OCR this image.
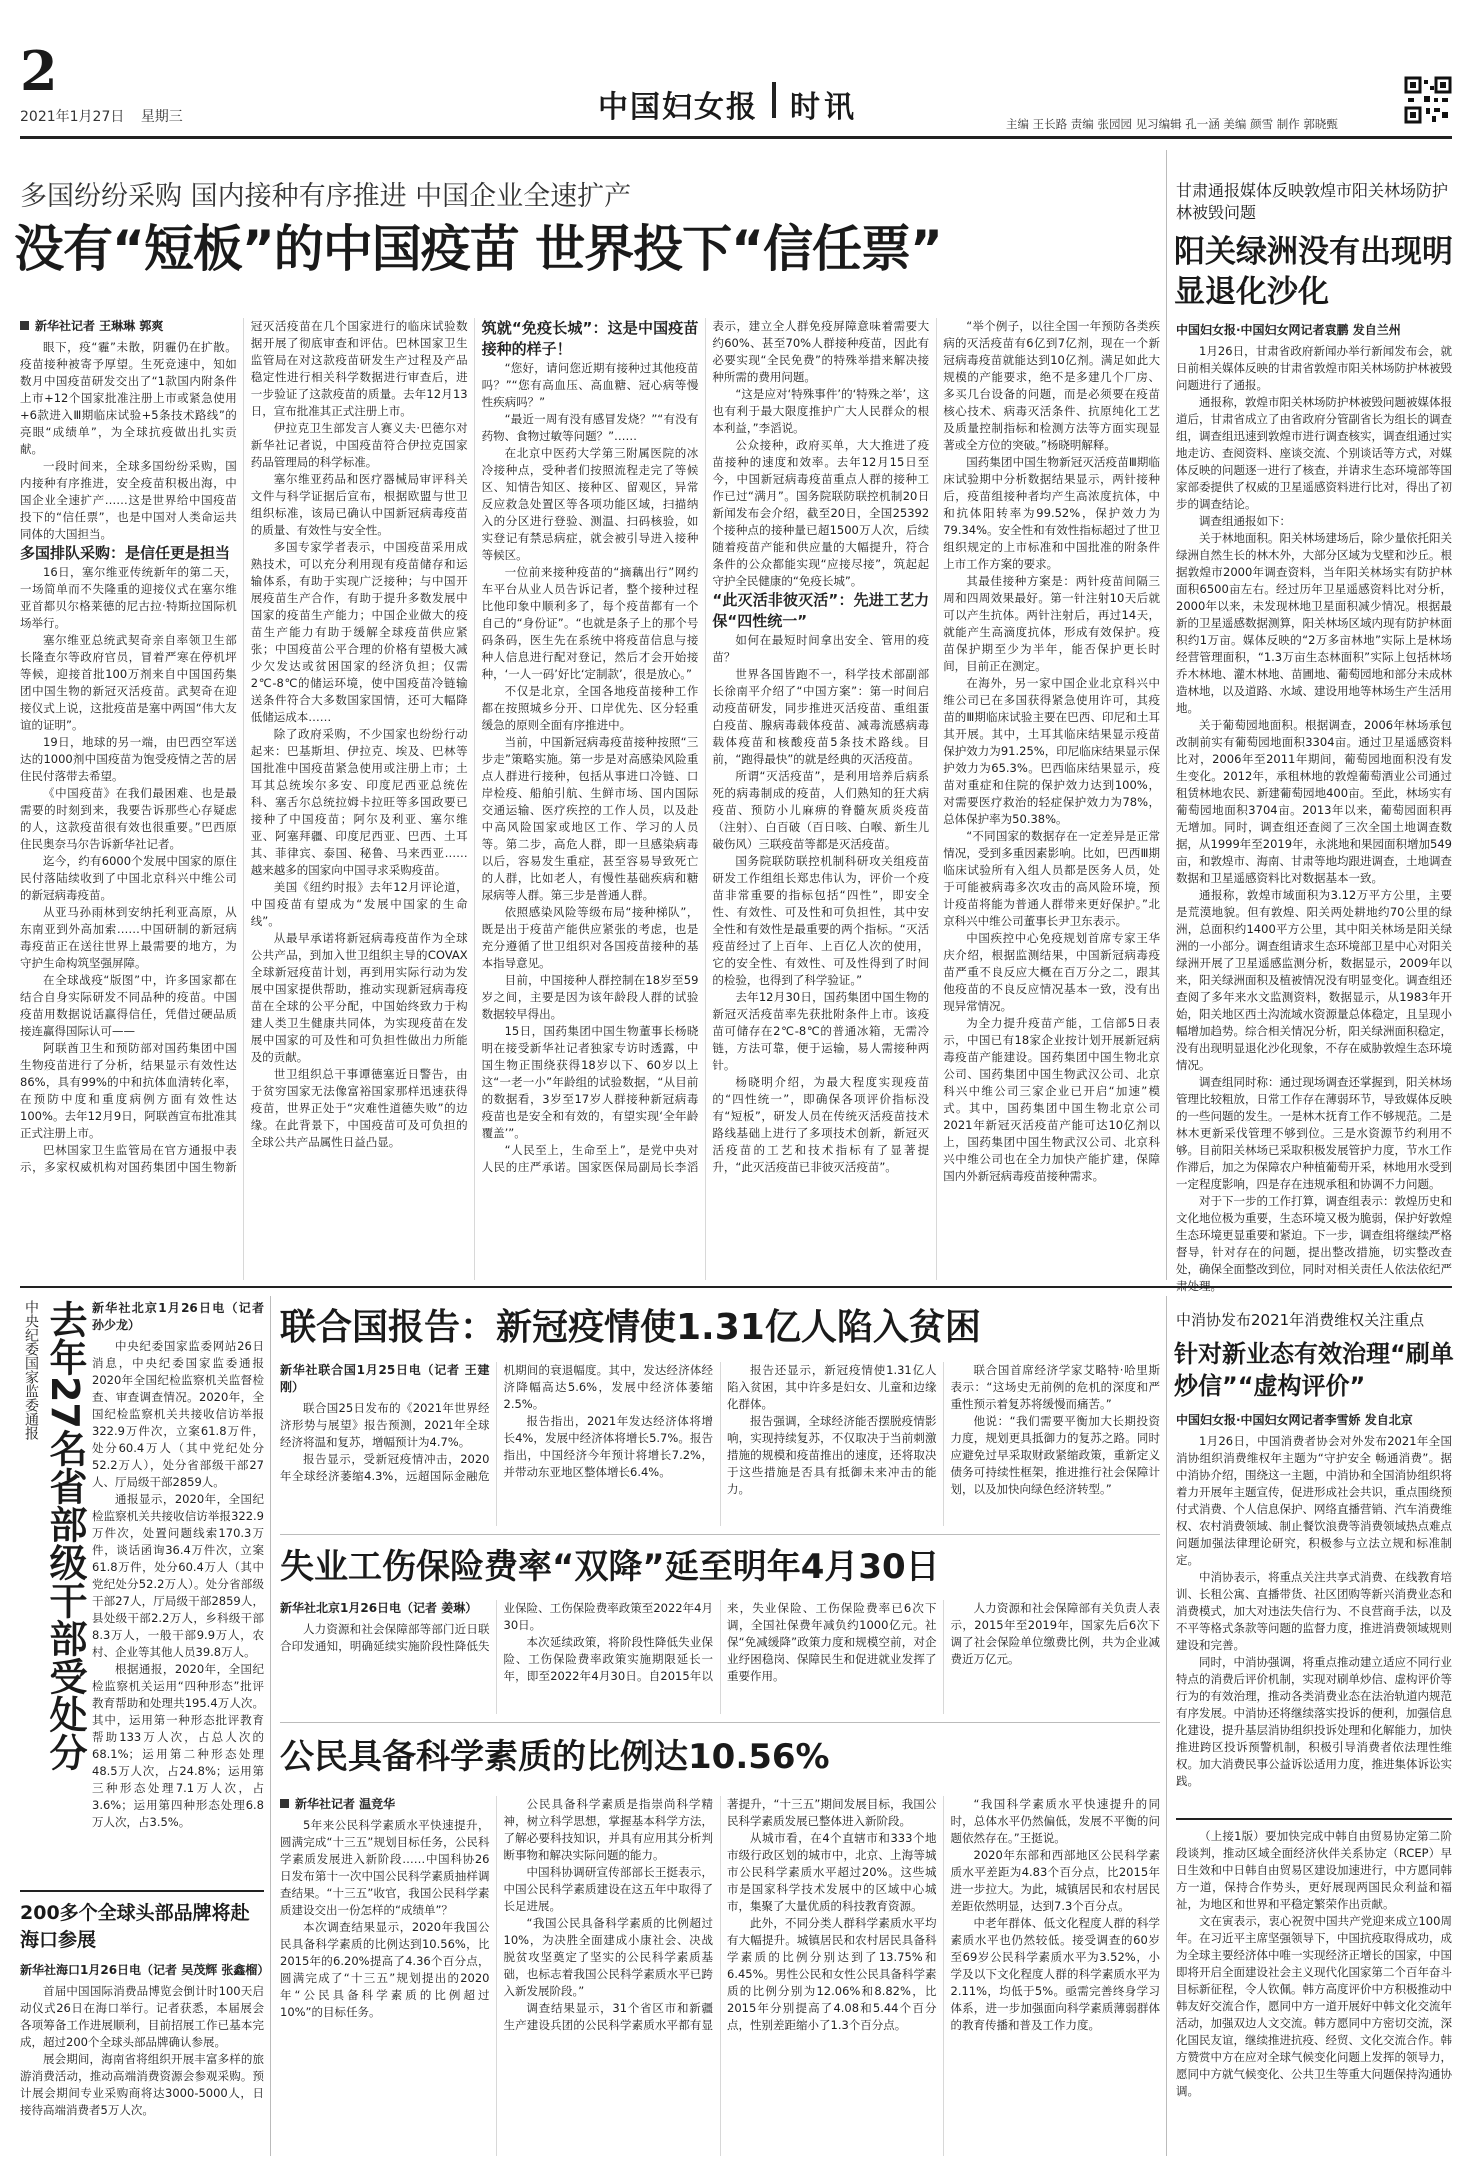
2
2021年1月27日 星期三	中国妇女报 时讯	主编 王长路 责编 张园园 见习编辑 孔一涵 美编 颜雪 制作 郭晓甄
多国纷纷采购 国内接种有序推进 中国企业全速扩产
没有“短板”的中国疫苗 世界投下“信任票”
新华社记者 王琳琳 郭爽

眼下，疫“霾”未散，阴霾仍在扩散。疫苗接种被寄予厚望。生死竞速中，知如数月中国疫苗研发交出了“1款国内附条件上市+12个国家批准注册上市或紧急使用+6款进入Ⅲ期临床试验+5条技术路线”的亮眼“成绩单”，为全球抗疫做出扎实贡献。

一段时间来，全球多国纷纷采购，国内接种有序推进，安全疫苗积极出海，中国企业全速扩产……这是世界给中国疫苗投下的“信任票”，也是中国对人类命运共同体的大国担当。

多国排队采购：是信任更是担当

16日，塞尔维亚传统新年的第二天，一场简单而不失隆重的迎接仪式在塞尔维亚首都贝尔格莱德的尼古拉·特斯拉国际机场举行。

塞尔维亚总统武契奇亲自率领卫生部长隆查尔等政府官员，冒着严寒在停机坪等候，迎接首批100万剂来自中国国药集团中国生物的新冠灭活疫苗。武契奇在迎接仪式上说，这批疫苗是塞中两国“伟大友谊的证明”。

19日，地球的另一端，由巴西空军送达的1000剂中国疫苗为饱受疫情之苦的居住民付落带去希望。

《中国疫苗》在我们最困难、也是最需要的时刻到来，我要告诉那些心存疑虑的人，这款疫苗很有效也很重要。”巴西原住民奥奈马尔告诉新华社记者。

迄今，约有6000个发展中国家的原住民付落陆续收到了中国北京科兴中维公司的新冠病毒疫苗。

从亚马孙雨林到安纳托利亚高原，从东南亚到外高加索……中国研制的新冠病毒疫苗正在送往世界上最需要的地方，为守护生命构筑坚强屏障。

在全球战疫“版图”中，许多国家都在结合自身实际研发不同品种的疫苗。中国疫苗用数据说话赢得信任，凭借过硬品质接连赢得国际认可——

阿联酋卫生和预防部对国药集团中国生物疫苗进行了分析，结果显示有效性达86%，具有99%的中和抗体血清转化率，在预防中度和重度病例方面有效性达100%。去年12月9日，阿联酋宣布批准其正式注册上市。

巴林国家卫生监管局在官方通报中表示，多家权威机构对国药集团中国生物新冠灭活疫苗在几个国家进行的临床试验数据开展了彻底审查和评估。巴林国家卫生监管局在对这款疫苗研发生产过程及产品稳定性进行相关科学数据进行审查后，进一步验证了这款疫苗的质量。去年12月13日，宣布批准其正式注册上市。

伊拉克卫生部发言人赛义夫·巴德尔对新华社记者说，中国疫苗符合伊拉克国家药品管理局的科学标准。

塞尔维亚药品和医疗器械局审评科关文件与科学证据后宣布，根据欧盟与世卫组织标准，该局已确认中国新冠病毒疫苗的质量、有效性与安全性。

多国专家学者表示，中国疫苗采用成熟技术，可以充分利用现有疫苗储存和运输体系，有助于实现广泛接种；与中国开展疫苗生产合作，有助于提升多数发展中国家的疫苗生产能力；中国企业做大的疫苗生产能力有助于缓解全球疫苗供应紧张；中国疫苗公平合理的价格有望极大减少欠发达或贫困国家的经济负担；仅需2℃-8℃的储运环境，使中国疫苗冷链输送条件符合大多数国家国情，还可大幅降低储运成本……

除了政府采购，不少国家也纷纷行动起来：巴基斯坦、伊拉克、埃及、巴林等国批准中国疫苗紧急使用或注册上市；土耳其总统埃尔多安、印度尼西亚总统佐科、塞舌尔总统拉姆卡拉旺等多国政要已接种了中国疫苗；阿尔及利亚、塞尔维亚、阿塞拜疆、印度尼西亚、巴西、土耳其、菲律宾、泰国、秘鲁、马来西亚……越来越多的国家向中国寻求采购疫苗。

美国《纽约时报》去年12月评论道，中国疫苗有望成为“发展中国家的生命线”。

从最早承诺将新冠病毒疫苗作为全球公共产品，到加入世卫组织主导的COVAX全球新冠疫苗计划，再到用实际行动为发展中国家提供帮助，推动实现新冠病毒疫苗在全球的公平分配，中国始终致力于构建人类卫生健康共同体，为实现疫苗在发展中国家的可及性和可负担性做出力所能及的贡献。

世卫组织总干事谭德塞近日警告，由于贫穷国家无法像富裕国家那样迅速获得疫苗，世界正处于“灾难性道德失败”的边缘。在此背景下，中国疫苗可及可负担的全球公共产品属性日益凸显。

筑就“免疫长城”：这是中国疫苗接种的样子！

“您好，请问您近期有接种过其他疫苗吗？”“您有高血压、高血糖、冠心病等慢性疾病吗？”

“最近一周有没有感冒发烧？”“有没有药物、食物过敏等问题？”……

在北京中医药大学第三附属医院的冰冷接种点，受种者们按照流程走完了等候区、知情告知区、接种区、留观区，异常反应救急处置区等各项功能区域，扫描纳入的分区进行登验、测温、扫码核验，如实登记有禁忌病症，就会被引导进入接种等候区。

一位前来接种疫苗的“摘藕出行”网约车平台从业人员告诉记者，整个接种过程比他印象中顺利多了，每个疫苗都有一个自己的“身份证”。“也就是条子上的那个号码条码，医生先在系统中将疫苗信息与接种人信息进行配对登记，然后才会开始接种，‘一人一码’好比‘定制款’，很是放心。”

不仅是北京，全国各地疫苗接种工作都在按照城乡分开、口岸优先、区分轻重缓急的原则全面有序推进中。

当前，中国新冠病毒疫苗接种按照“三步走”策略实施。第一步是对高感染风险重点人群进行接种，包括从事进口冷链、口岸检疫、船舶引航、生鲜市场、国内国际交通运输、医疗疾控的工作人员，以及赴中高风险国家或地区工作、学习的人员等。第二步，高危人群，即一旦感染病毒以后，容易发生重症，甚至容易导致死亡的人群，比如老人，有慢性基础疾病和糖尿病等人群。第三步是普通人群。

依照感染风险等级布局“接种梯队”，既是出于疫苗产能供应紧张的考虑，也是充分遵循了世卫组织对各国疫苗接种的基本指导意见。

目前，中国接种人群控制在18岁至59岁之间，主要是因为该年龄段人群的试验数据较早得出。

15日，国药集团中国生物董事长杨晓明在接受新华社记者独家专访时透露，中国生物正围绕获得18岁以下、60岁以上这“一老一小”年龄组的试验数据，“从目前的数据看，3岁至17岁人群接种新冠病毒疫苗也是安全和有效的，有望实现‘全年龄覆盖’”。

“人民至上，生命至上”，是党中央对人民的庄严承诺。国家医保局副局长李滔表示，建立全人群免疫屏障意味着需要大约60%、甚至70%人群接种疫苗，因此有必要实现“全民免费”的特殊举措来解决接种所需的费用问题。

“这是应对‘特殊事件’的‘特殊之举’，这也有利于最大限度推护广大人民群众的根本利益，”李滔说。

公众接种，政府买单，大大推进了疫苗接种的速度和效率。去年12月15日至今，中国新冠病毒疫苗重点人群的接种工作已过“满月”。国务院联防联控机制20日新闻发布会介绍，截至20日，全国25392个接种点的接种量已超1500万人次，后续随着疫苗产能和供应量的大幅提升，符合条件的公众都能实现“应接尽接”，筑起起守护全民健康的“免疫长城”。

“此灭活非彼灭活”：先进工艺力保“四性统一”

如何在最短时间拿出安全、管用的疫苗？

世界各国皆跑不一，科学技术部副部长徐南平介绍了“中国方案”：第一时间启动疫苗研发，同步推进灭活疫苗、重组蛋白疫苗、腺病毒载体疫苗、减毒流感病毒载体疫苗和核酸疫苗5条技术路线。目前，“跑得最快”的就是经典的灭活疫苗。

所谓“灭活疫苗”，是利用培养后病系死的病毒制成的疫苗，人们熟知的狂犬病疫苗、预防小儿麻痹的脊髓灰质炎疫苗（注射）、白百破（百日咳、白喉、新生儿破伤风）三联疫苗等都是灭活疫苗。

国务院联防联控机制科研攻关组疫苗研发工作组组长郑忠伟认为，评价一个疫苗非常重要的指标包括“四性”，即安全性、有效性、可及性和可负担性，其中安全性和有效性是最重要的两个指标。“灭活疫苗经过了上百年、上百亿人次的使用，它的安全性、有效性、可及性得到了时间的检验，也得到了科学验证。”

去年12月30日，国药集团中国生物的新冠灭活疫苗率先获批附条件上市。该疫苗可储存在2℃-8℃的普通冰箱，无需冷链，方法可靠，便于运输，易人需接种两针。

杨晓明介绍，为最大程度实现疫苗的“四性统一”，即确保各项评价指标没有“短板”，研发人员在传统灭活疫苗技术路线基础上进行了多项技术创新，新冠灭活疫苗的工艺和技术指标有了显著提升，“此灭活疫苗已非彼灭活疫苗”。

“举个例子，以往全国一年预防各类疾病的灭活疫苗有6亿到7亿剂，现在一个新冠病毒疫苗就能达到10亿剂。满足如此大规模的产能要求，绝不是多建几个厂房、多买几台设备的问题，而是必须要在疫苗核心技术、病毒灭活条件、抗原纯化工艺及质量控制指标和检测方法等方面实现显著或全方位的突破。”杨晓明解释。

国药集团中国生物新冠灭活疫苗Ⅲ期临床试验期中分析数据结果显示，两针接种后，疫苗组接种者均产生高浓度抗体，中和抗体阳转率为99.52%，保护效力为79.34%。安全性和有效性指标超过了世卫组织规定的上市标准和中国批准的附条件上市工作方案的要求。

其最佳接种方案是：两针疫苗间隔三周和四周效果最好。第一针注射10天后就可以产生抗体。两针注射后，再过14天，就能产生高滴度抗体，形成有效保护。疫苗保护期至少为半年，能否保护更长时间，目前正在测定。

在海外，另一家中国企业北京科兴中维公司已在多国获得紧急使用许可，其疫苗的Ⅲ期临床试验主要在巴西、印尼和土耳其开展。其中，土耳其临床结果显示疫苗保护效力为91.25%，印尼临床结果显示保护效力为65.3%。巴西临床结果显示，疫苗对重症和住院的保护效力达到100%，对需要医疗救治的轻症保护效力为78%，总体保护率为50.38%。

“不同国家的数据存在一定差异是正常情况，受到多重因素影响。比如，巴西Ⅲ期临床试验所有入组人员都是医务人员，处于可能被病毒多次攻击的高风险环境，预计疫苗将能为普通人群带来更好保护。”北京科兴中维公司董事长尹卫东表示。

中国疾控中心免疫规划首席专家王华庆介绍，根据监测结果，中国新冠病毒疫苗严重不良反应大概在百万分之二，跟其他疫苗的不良反应情况基本一致，没有出现异常情况。

为全力提升疫苗产能，工信部5日表示，中国已有18家企业按计划开展新冠病毒疫苗产能建设。国药集团中国生物北京公司、国药集团中国生物武汉公司、北京科兴中维公司三家企业已开启“加速”模式。其中，国药集团中国生物北京公司2021年新冠灭活疫苗产能可达10亿剂以上，国药集团中国生物武汉公司、北京科兴中维公司也在全力加快产能扩建，保障国内外新冠病毒疫苗接种需求。

甘肃通报媒体反映敦煌市阳关林场防护林被毁问题
阳关绿洲没有出现明显退化沙化
中国妇女报·中国妇女网记者袁鹏 发自兰州

1月26日，甘肃省政府新闻办举行新闻发布会，就日前相关媒体反映的甘肃省敦煌市阳关林场防护林被毁问题进行了通报。

通报称，敦煌市阳关林场防护林被毁问题被媒体报道后，甘肃省成立了由省政府分管副省长为组长的调查组，调查组迅速到敦煌市进行调查核实，调查组通过实地走访、查阅资料、座谈交流、个别谈话等方式，对媒体反映的问题逐一进行了核查，并请求生态环境部等国家部委提供了权威的卫星遥感资料进行比对，得出了初步的调查结论。

调查组通报如下：

关于林地面积。阳关林场建场后，除少量依托阳关绿洲自然生长的林木外，大部分区域为戈壁和沙丘。根据敦煌市2000年调查资料，当年阳关林场实有防护林面积6500亩左右。经过历年卫星遥感资料比对分析，2000年以来，未发现林地卫星面积减少情况。根据最新的卫星遥感数据测算，阳关林场区域内现有防护林面积约1万亩。媒体反映的“2万多亩林地”实际上是林场经营管理面积，“1.3万亩生态林面积”实际上包括林场乔木林地、灌木林地、苗圃地、葡萄园地和部分未成林造林地，以及道路、水域、建设用地等林场生产生活用地。

关于葡萄园地面积。根据调查，2006年林场承包改制前实有葡萄园地面积3304亩。通过卫星遥感资料比对，2006年至2011年期间，葡萄园地面积没有发生变化。2012年，承租林地的敦煌葡萄酒业公司通过租赁林地农民、新建葡萄园地400亩。至此，林场实有葡萄园地面积3704亩。2013年以来，葡萄园面积再无增加。同时，调查组还查阅了三次全国土地调查数据，从1999年至2019年，永洮地和果园面积增加549亩，和敦煌市、海南、甘肃等地均跟进调查，土地调查数据和卫星遥感资料比对数据基本一致。

通报称，敦煌市域面积为3.12万平方公里，主要是荒漠地貌。但有敦煌、阳关两处耕地约70公里的绿洲，总面积约1400平方公里，其中阳关林场是阳关绿洲的一小部分。调查组请求生态环境部卫星中心对阳关绿洲开展了卫星遥感监测分析，数据显示，2009年以来，阳关绿洲面积及植被情况没有明显变化。调查组还查阅了多年来水文监测资料，数据显示，从1983年开始，阳关地区西土沟流域水资源量总体稳定，且呈现小幅增加趋势。综合相关情况分析，阳关绿洲面积稳定，没有出现明显退化沙化现象，不存在威胁敦煌生态环境情况。

调查组同时称：通过现场调查还掌握到，阳关林场管理比较粗放，日常工作存在薄弱环节，导致媒体反映的一些问题的发生。一是林木抚育工作不够规范。二是林木更新采伐管理不够到位。三是水资源节约利用不够。目前阳关林场已采取积极发展管护力度，节水工作作滞后，加之为保障农户种植葡萄开采，林地用水受到一定程度影响，四是存在违规承租和协调不力问题。

对于下一步的工作打算，调查组表示：敦煌历史和文化地位极为重要，生态环境又极为脆弱，保护好敦煌生态环境更显重要和紧迫。下一步，调查组将继续严格督导，针对存在的问题，提出整改措施，切实整改查处，确保全面整改到位，同时对相关责任人依法依纪严

中央纪委国家监委通报 去年27名省部级干部受处分 新华社北京1月26日电（记者 孙少龙）

中央纪委国家监委网站26日消息，中央纪委国家监委通报2020年全国纪检监察机关监督检查、审查调查情况。2020年，全国纪检监察机关共接收信访举报322.9万件次，立案61.8万件，处分60.4万人（其中党纪处分52.2万人），处分省部级干部27人、厅局级干部2859人。

通报显示，2020年，全国纪检监察机关共接收信访举报322.9万件次，处置问题线索170.3万件，谈话函询36.4万件次，立案61.8万件，处分60.4万人（其中党纪处分52.2万人）。处分省部级干部27人，厅局级干部2859人，县处级干部2.2万人，乡科级干部8.3万人，一般干部9.9万人，农村、企业等其他人员39.8万人。

根据通报，2020年，全国纪检监察机关运用“四种形态”批评教育帮助和处理共195.4万人次。其中，运用第一种形态批评教育帮助133万人次，占总人次的68.1%；运用第二种形态处理48.5万人次，占24.8%；运用第三种形态处理7.1万人次，占3.6%；运用第四种形态处理6.8万人次，占3.5%。

联合国报告：新冠疫情使1.31亿人陷入贫困
新华社联合国1月25日电（记者 王建刚）

联合国25日发布的《2021年世界经济形势与展望》报告预测，2021年全球经济将温和复苏，增幅预计为4.7%。

报告显示，受新冠疫情冲击，2020年全球经济萎缩4.3%，远超国际金融危机期间的衰退幅度。其中，发达经济体经济降幅高达5.6%，发展中经济体萎缩2.5%。

报告指出，2021年发达经济体将增长4%，发展中经济体将增长5.7%。报告指出，中国经济今年预计将增长7.2%，并带动东亚地区整体增长6.4%。

报告还显示，新冠疫情使1.31亿人陷入贫困，其中许多是妇女、儿童和边缘化群体。

报告强调，全球经济能否摆脱疫情影响，实现持续复苏，不仅取决于当前刺激措施的规模和疫苗推出的速度，还将取决于这些措施是否具有抵御未来冲击的能力。

联合国首席经济学家艾略特·哈里斯表示：“这场史无前例的危机的深度和严重性预示着复苏将缓慢而痛苦。”

他说：“我们需要平衡加大长期投资力度，规划更具抵御力的复苏之路。同时应避免过早采取财政紧缩政策，重新定义债务可持续性框架，推进推行社会保障计划，以及加快向绿色经济转型。”

失业工伤保险费率“双降”延至明年4月30日
新华社北京1月26日电（记者 姜琳）

人力资源和社会保障部等部门近日联合印发通知，明确延续实施阶段性降低失业保险、工伤保险费率政策至2022年4月30日。

本次延续政策，将阶段性降低失业保险、工伤保险费率政策实施期限延长一年，即至2022年4月30日。自2015年以来，失业保险、工伤保险费率已6次下调，全国社保费年减负约1000亿元。社保“免减缓降”政策力度和规模空前，对企业纾困稳岗、保障民生和促进就业发挥了重要作用。

人力资源和社会保障部有关负责人表示，2015年至2019年，国家先后6次下调了社会保险单位缴费比例，共为企业减费近万亿元。

公民具备科学素质的比例达10.56%
新华社记者 温竞华

5年来公民科学素质水平快速提升，圆满完成“十三五”规划目标任务，公民科学素质发展进入新阶段……中国科协26日发布第十一次中国公民科学素质抽样调查结果。“十三五”收官，我国公民科学素质建设交出一份怎样的“成绩单”？

本次调查结果显示，2020年我国公民具备科学素质的比例达到10.56%，比2015年的6.20%提高了4.36个百分点，圆满完成了“十三五”规划提出的2020年“公民具备科学素质的比例超过10%”的目标任务。

公民具备科学素质是指崇尚科学精神，树立科学思想，掌握基本科学方法，了解必要科技知识，并具有应用其分析判断事物和解决实际问题的能力。

中国科协调研宣传部部长王挺表示，中国公民科学素质建设在这五年中取得了长足进展。

“我国公民具备科学素质的比例超过10%，为决胜全面建成小康社会、决战脱贫攻坚奠定了坚实的公民科学素质基础，也标志着我国公民科学素质水平已跨入新发展阶段。”

调查结果显示，31个省区市和新疆生产建设兵团的公民科学素质水平都有显著提升，“十三五”期间发展目标，我国公民科学素质发展已整体进入新阶段。

从城市看，在4个直辖市和333个地市级行政区划的城市中，北京、上海等城市公民科学素质水平超过20%。这些城市是国家科学技术发展中的区域中心城市，集聚了大量优质的科技教育资源。

此外，不同分类人群科学素质水平均有大幅提升。城镇居民和农村居民具备科学素质的比例分别达到了13.75%和6.45%。男性公民和女性公民具备科学素质的比例分别为12.06%和8.82%，比2015年分别提高了4.08和5.44个百分点，性别差距缩小了1.3个百分点。

“我国科学素质水平快速提升的同时，总体水平仍然偏低，发展不平衡的问题依然存在。”王挺说。

2020年东部和西部地区公民科学素质水平差距为4.83个百分点，比2015年进一步拉大。为此，城镇居民和农村居民差距依然明显，达到7.3个百分点。

中老年群体、低文化程度人群的科学素质水平也仍然较低。接受调查的60岁至69岁公民科学素质水平为3.52%，小学及以下文化程度人群的科学素质水平为2.11%，均低于5%。亟需完善终身学习体系，进一步加强面向科学素质薄弱群体的教育传播和普及工作力度。

200多个全球头部品牌将赴海口参展
新华社海口1月26日电（记者 吴茂辉 张鑫榴）

首届中国国际消费品博览会倒计时100天启动仪式26日在海口举行。记者获悉，本届展会各项筹备工作进展顺利，目前招展工作已基本完成，超过200个全球头部品牌确认参展。

展会期间，海南省将组织开展丰富多样的旅游消费活动，推动高端消费资源会参观采购。预计展会期间专业采购商将达3000-5000人，日接待高端消费者5万人次。

中消协发布2021年消费维权关注重点
针对新业态有效治理“刷单炒信”“虚构评价”
中国妇女报·中国妇女网记者李雪娇 发自北京

1月26日，中国消费者协会对外发布2021年全国消协组织消费维权年主题为“守护安全 畅通消费”。据中消协介绍，围绕这一主题，中消协和全国消协组织将着力开展年主题宣传，促进形成社会共识，重点围绕预付式消费、个人信息保护、网络直播营销、汽车消费维权、农村消费领域、制止餐饮浪费等消费领域热点难点问题加强法律理论研究，积极参与立法立规和标准制定。

中消协表示，将重点关注共享式消费、在线教育培训、长租公寓、直播带货、社区团购等新兴消费业态和消费模式，加大对违法失信行为、不良营商手法，以及不平等格式条款等问题的监督力度，推进消费领域规则建设和完善。

同时，中消协强调，将重点推动建立适应不同行业特点的消费后评价机制，实现对刷单炒信、虚构评价等行为的有效治理，推动各类消费业态在法治轨道内规范有序发展。中消协还将继续落实投诉的便利，加强信息化建设，提升基层消协组织投诉处理和化解能力，加快推进跨区投诉预警机制，积极引导消费者依法理性维权。加大消费民事公益诉讼适用力度，推进集体诉讼实践。

（上接1版）要加快完成中韩自由贸易协定第二阶段谈判，推动区域全面经济伙伴关系协定（RCEP）早日生效和中日韩自由贸易区建设加速进行，中方愿同韩方一道，保持合作势头，更好展现两国民众利益和福祉，为地区和世界和平稳定繁荣作出贡献。

文在寅表示，衷心祝贺中国共产党迎来成立100周年。在习近平主席坚强领导下，中国抗疫取得成功，成为全球主要经济体中唯一实现经济正增长的国家，中国即将开启全面建设社会主义现代化国家第二个百年奋斗目标新征程，令人钦佩。韩方高度评价中方积极推动中韩友好交流合作，愿同中方一道开展好中韩文化交流年活动，加强双边人文交流。韩方愿同中方密切交流，深化国民友谊，继续推进抗疫、经贸、文化交流合作。韩方赞赏中方在应对全球气候变化问题上发挥的领导力，愿同中方就气候变化、公共卫生等重大问题保持沟通协调。
